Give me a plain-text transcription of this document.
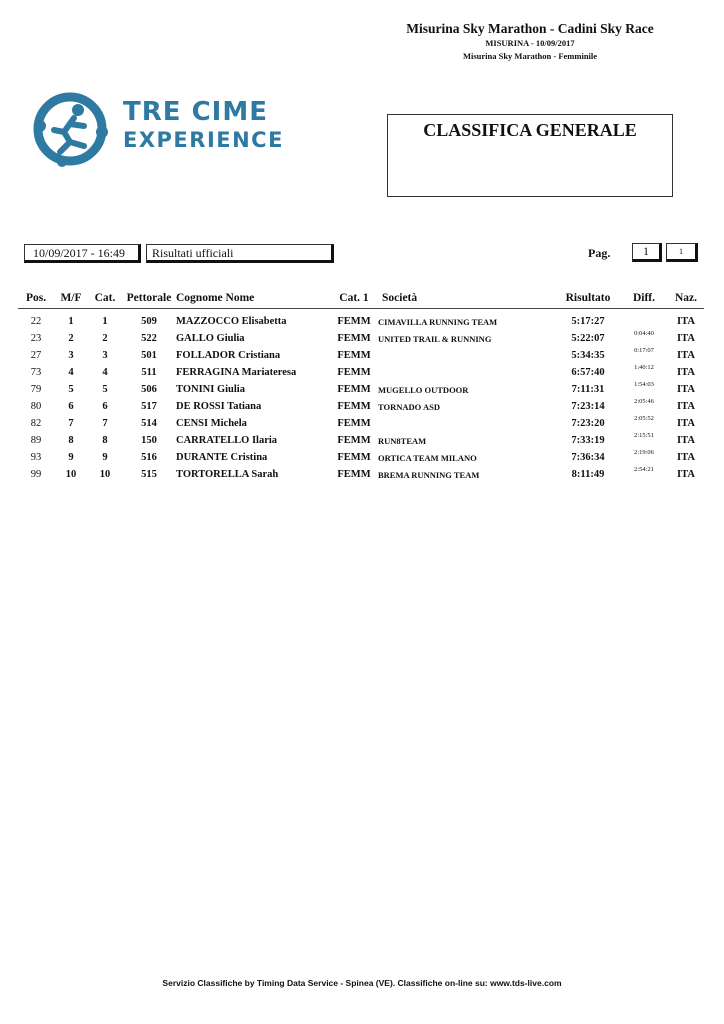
Misurina Sky Marathon - Cadini Sky Race
MISURINA - 10/09/2017
Misurina Sky Marathon - Femminile
TRE CIME
EXPERIENCE	CLASSIFICA GENERALE
10/09/2017 - 16:49	Risultati ufficiali	Pag.	1	1
Pos.	M/F	Cat.	Pettorale	Cognome Nome	Cat. 1	Società	Risultato	Diff.	Naz.
22	1	1	509	MAZZOCCO Elisabetta	FEMM	CIMAVILLA RUNNING TEAM	5:17:27		ITA
23	2	2	522	GALLO Giulia	FEMM	UNITED TRAIL & RUNNING	5:22:07	0:04:40	ITA
27	3	3	501	FOLLADOR Cristiana	FEMM		5:34:35	0:17:07	ITA
73	4	4	511	FERRAGINA Mariateresa	FEMM		6:57:40	1:40:12	ITA
79	5	5	506	TONINI Giulia	FEMM	MUGELLO OUTDOOR	7:11:31	1:54:03	ITA
80	6	6	517	DE ROSSI Tatiana	FEMM	TORNADO ASD	7:23:14	2:05:46	ITA
82	7	7	514	CENSI Michela	FEMM		7:23:20	2:05:52	ITA
89	8	8	150	CARRATELLO Ilaria	FEMM	RUN8TEAM	7:33:19	2:15:51	ITA
93	9	9	516	DURANTE Cristina	FEMM	ORTICA TEAM MILANO	7:36:34	2:19:06	ITA
99	10	10	515	TORTORELLA Sarah	FEMM	BREMA RUNNING TEAM	8:11:49	2:54:21	ITA
Servizio Classifiche by Timing Data Service - Spinea (VE). Classifiche on-line su: www.tds-live.com
